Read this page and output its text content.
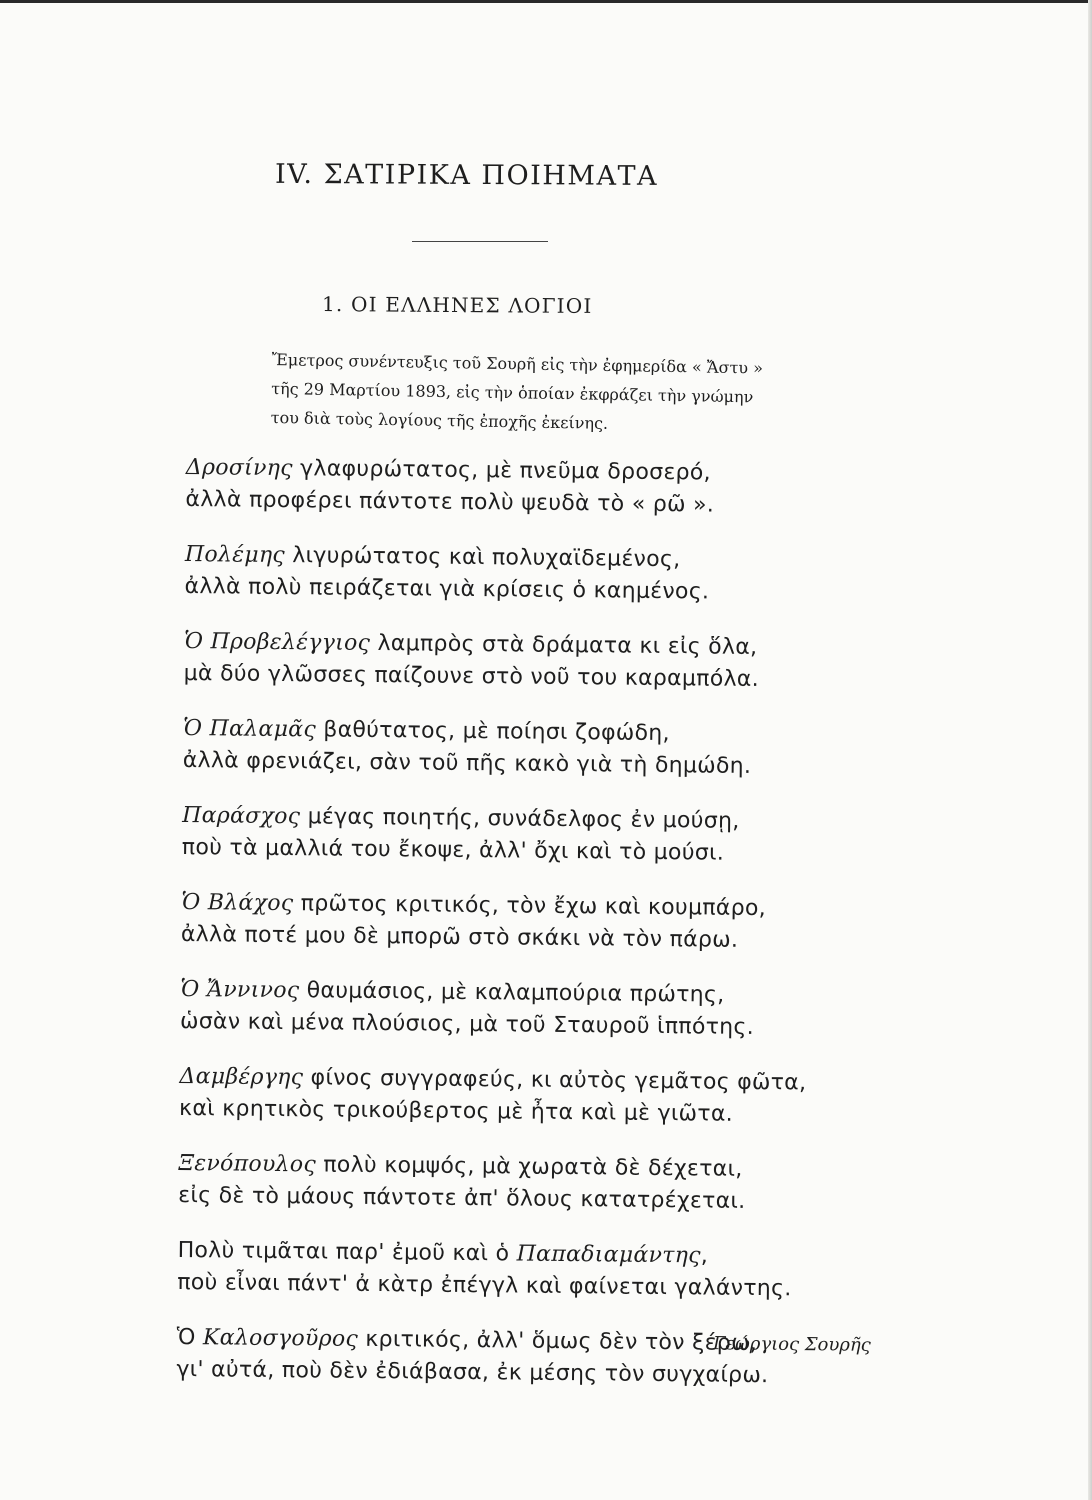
IV. ΣΑΤΙΡΙΚΑ ΠΟΙΗΜΑΤΑ
1. ΟΙ ΕΛΛΗΝΕΣ ΛΟΓΙΟΙ
Ἔμετρος συνέντευξις τοῦ Σουρῆ εἰς τὴν ἐφημερίδα « Ἄστυ »
τῆς 29 Μαρτίου 1893, εἰς τὴν ὁποίαν ἐκφράζει τὴν γνώμην
του διὰ τοὺς λογίους τῆς ἐποχῆς ἐκείνης.
Δροσίνης γλαφυρώτατος, μὲ πνεῦμα δροσερό,
ἀλλὰ προφέρει πάντοτε πολὺ ψευδὰ τὸ « ρῶ ».
Πολέμης λιγυρώτατος καὶ πολυχαϊδεμένος,
ἀλλὰ πολὺ πειράζεται γιὰ κρίσεις ὁ καημένος.
Ὁ Προβελέγγιος λαμπρὸς στὰ δράματα κι εἰς ὅλα,
μὰ δύο γλῶσσες παίζουνε στὸ νοῦ του καραμπόλα.
Ὁ Παλαμᾶς βαθύτατος, μὲ ποίησι ζοφώδη,
ἀλλὰ φρενιάζει, σὰν τοῦ πῆς κακὸ γιὰ τὴ δημώδη.
Παράσχος μέγας ποιητής, συνάδελφος ἐν μούσῃ,
ποὺ τὰ μαλλιά του ἔκοψε, ἀλλ' ὄχι καὶ τὸ μούσι.
Ὁ Βλάχος πρῶτος κριτικός, τὸν ἔχω καὶ κουμπάρο,
ἀλλὰ ποτέ μου δὲ μπορῶ στὸ σκάκι νὰ τὸν πάρω.
Ὁ Ἄννινος θαυμάσιος, μὲ καλαμπούρια πρώτης,
ὡσὰν καὶ μένα πλούσιος, μὰ τοῦ Σταυροῦ ἱππότης.
Δαμβέργης φίνος συγγραφεύς, κι αὐτὸς γεμᾶτος φῶτα,
καὶ κρητικὸς τρικούβερτος μὲ ἦτα καὶ μὲ γιῶτα.
Ξενόπουλος πολὺ κομψός, μὰ χωρατὰ δὲ δέχεται,
εἰς δὲ τὸ μάους πάντοτε ἀπ' ὅλους κατατρέχεται.
Πολὺ τιμᾶται παρ' ἐμοῦ καὶ ὁ Παπαδιαμάντης,
ποὺ εἶναι πάντ' ἀ κὰτρ ἐπέγγλ καὶ φαίνεται γαλάντης.
Ὁ Καλοσγοῦρος κριτικός, ἀλλ' ὅμως δὲν τὸν ξέρω,
γι' αὐτά, ποὺ δὲν ἐδιάβασα, ἐκ μέσης τὸν συγχαίρω.
Γεώργιος Σουρῆς
